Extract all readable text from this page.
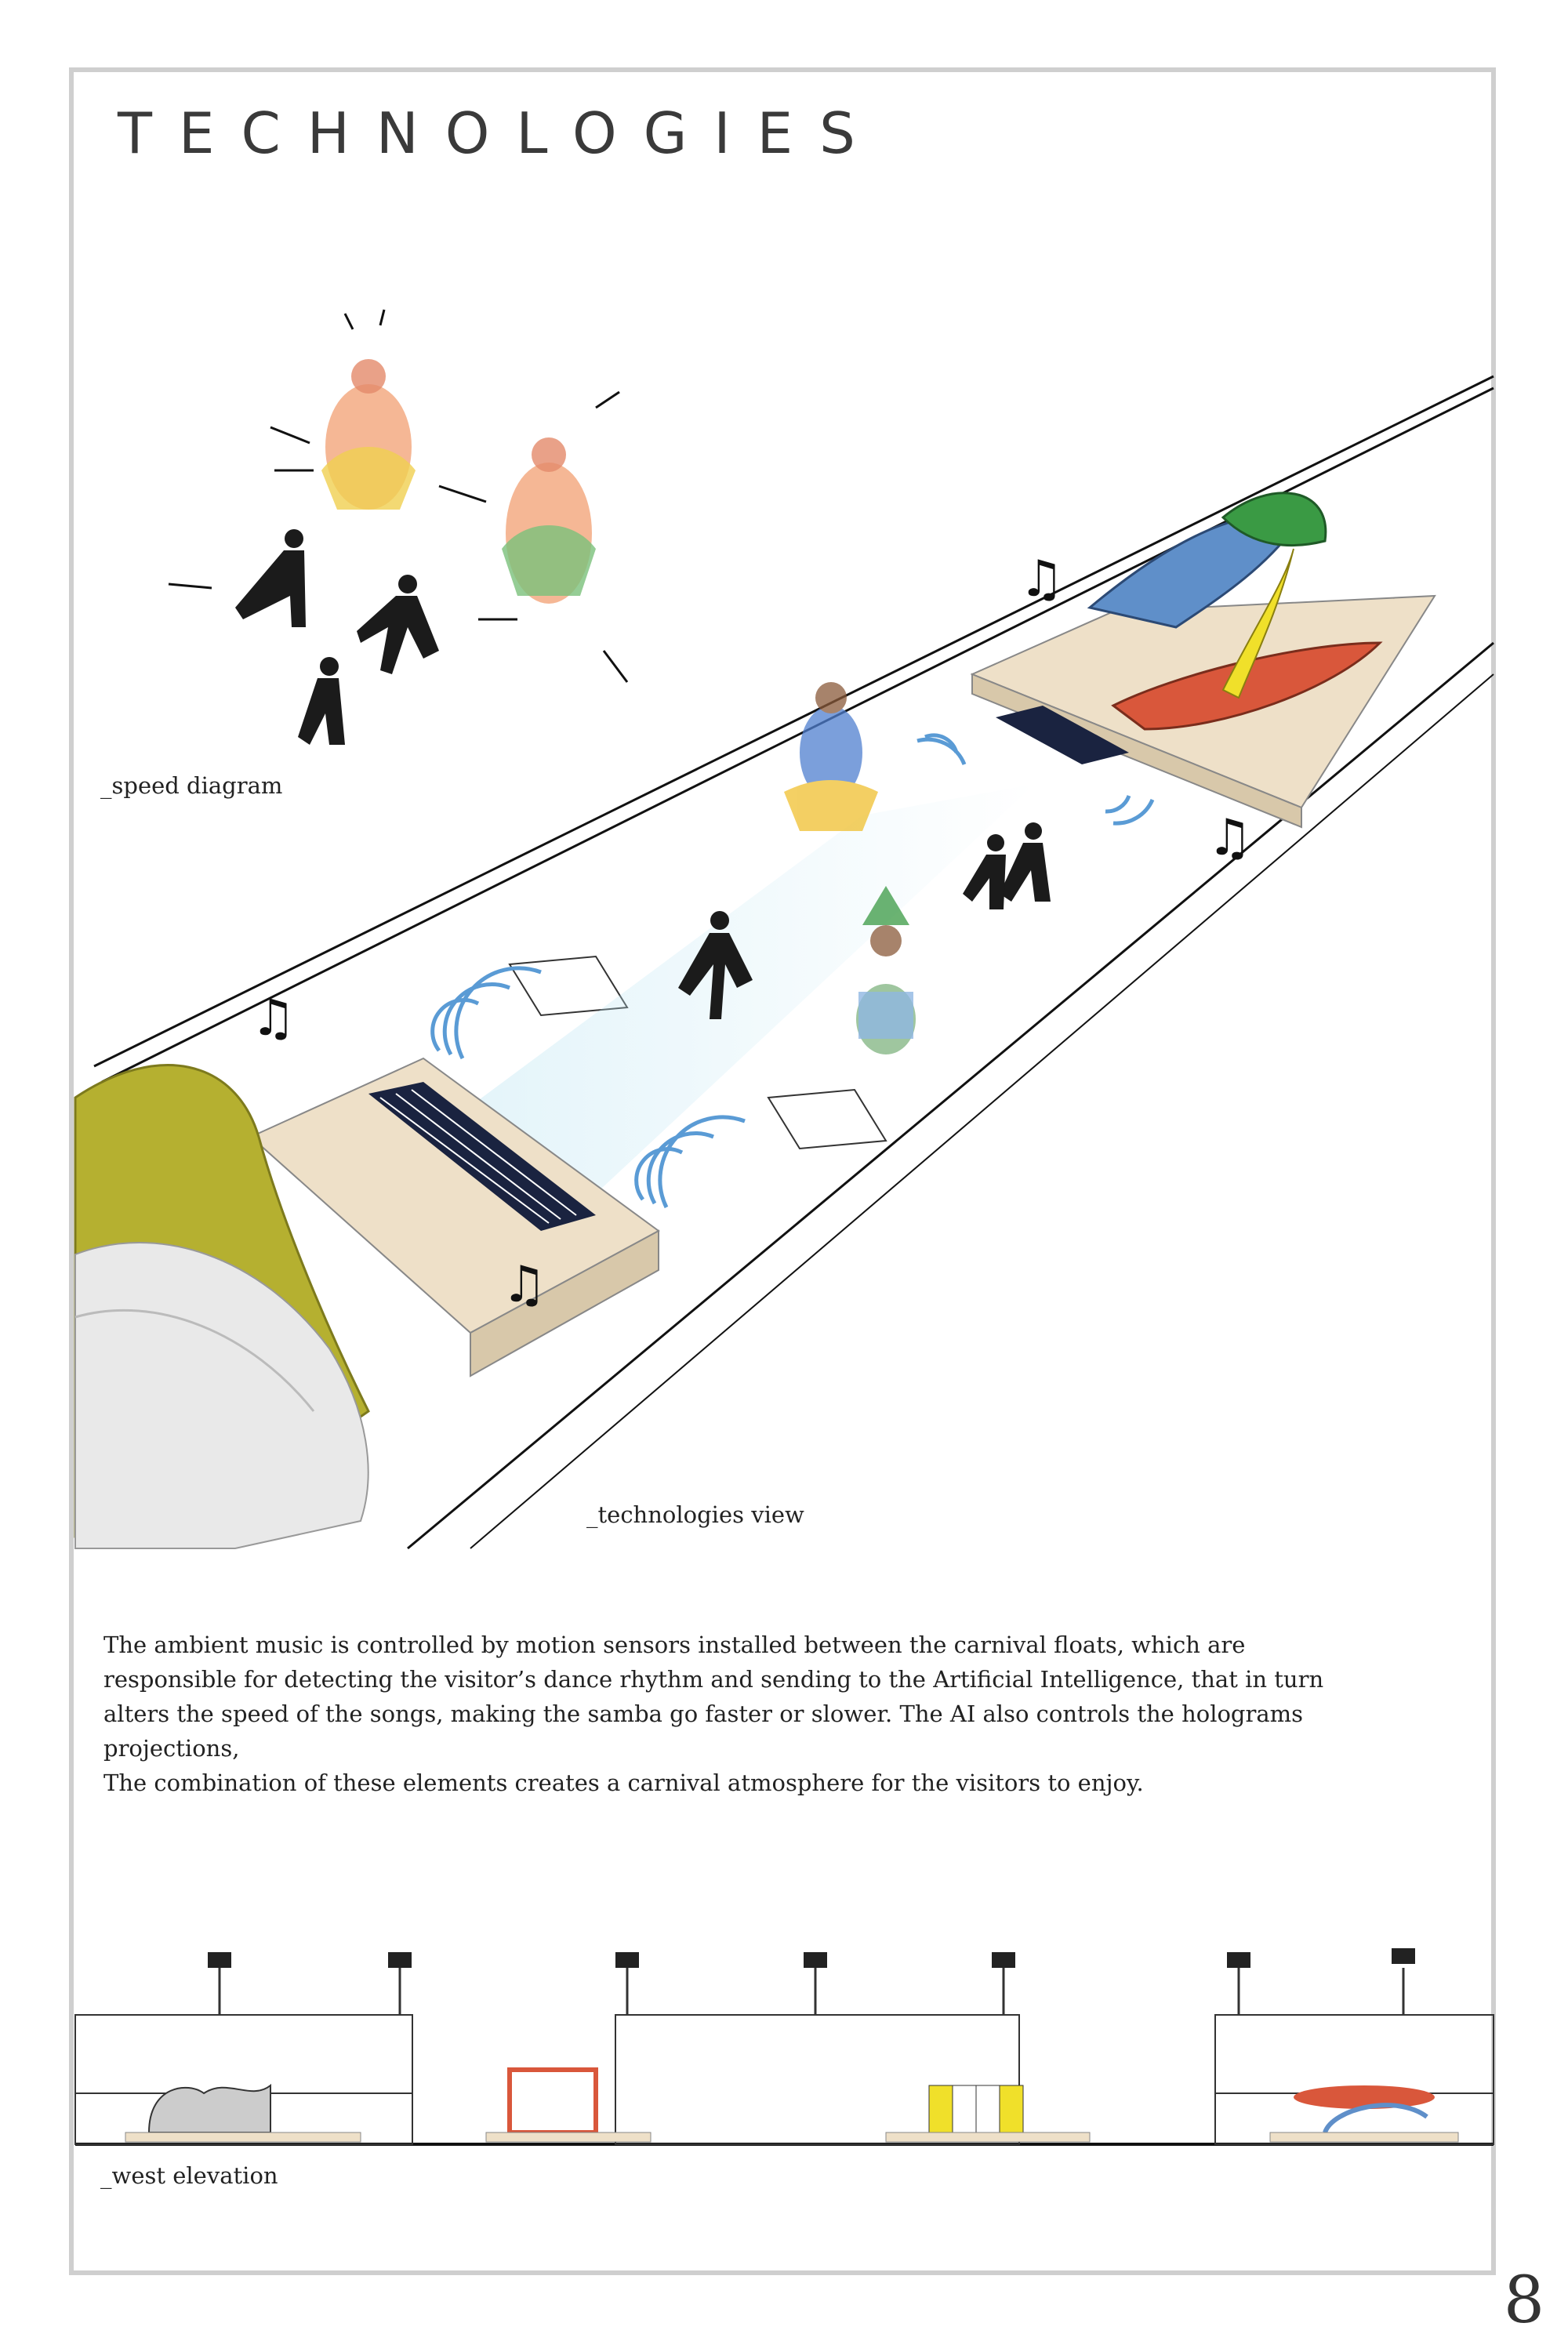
TECHNOLOGIES
♫
♫
♫
♫
_speed diagram
_technologies view

The ambient music is controlled by motion sensors installed between the carnival floats, which are responsible for detecting the visitor’s dance rhythm and sending to the Artificial Intelligence, that in turn alters the speed of the songs, making the samba go faster or slower. The AI also controls the holograms projections,

The combination of these elements creates a carnival atmosphere for the visitors to enjoy.

_west elevation
8
